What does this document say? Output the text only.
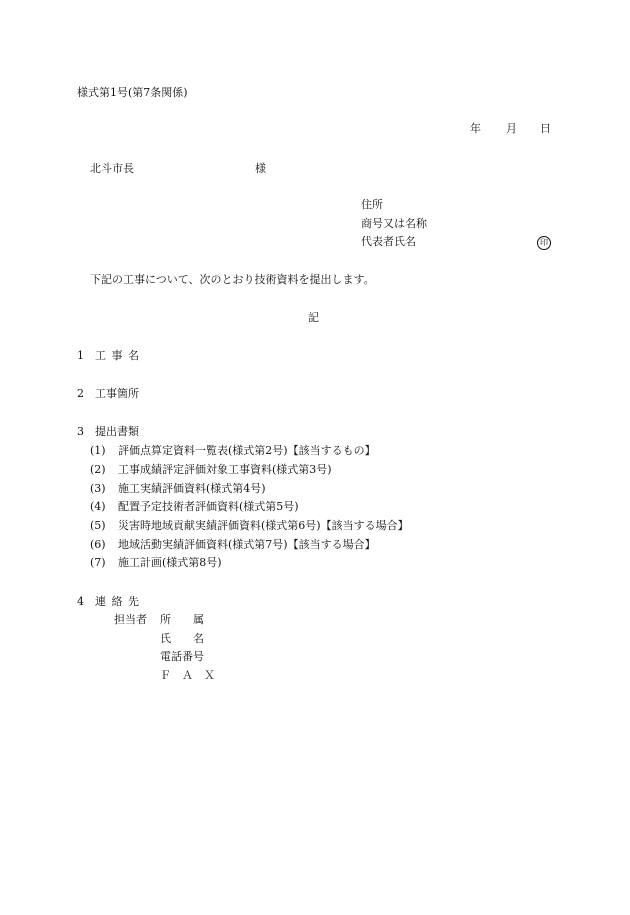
様式第1号(第7条関係)
年 月 日
北斗市長	様
住所
商号又は名称
代表者氏名	印
下記の工事について、次のとおり技術資料を提出します。
記
1 工 事 名
2 工事箇所
3 提出書類
(1) 評価点算定資料一覧表(様式第2号)【該当するもの】
(2) 工事成績評定評価対象工事資料(様式第3号)
(3) 施工実績評価資料(様式第4号)
(4) 配置予定技術者評価資料(様式第5号)
(5) 災害時地域貢献実績評価資料(様式第6号)【該当する場合】
(6) 地域活動実績評価資料(様式第7号)【該当する場合】
(7) 施工計画(様式第8号)
4 連 絡 先
担当者 所　　属
氏　　名
電話番号
Ｆ　Ａ　Ｘ
